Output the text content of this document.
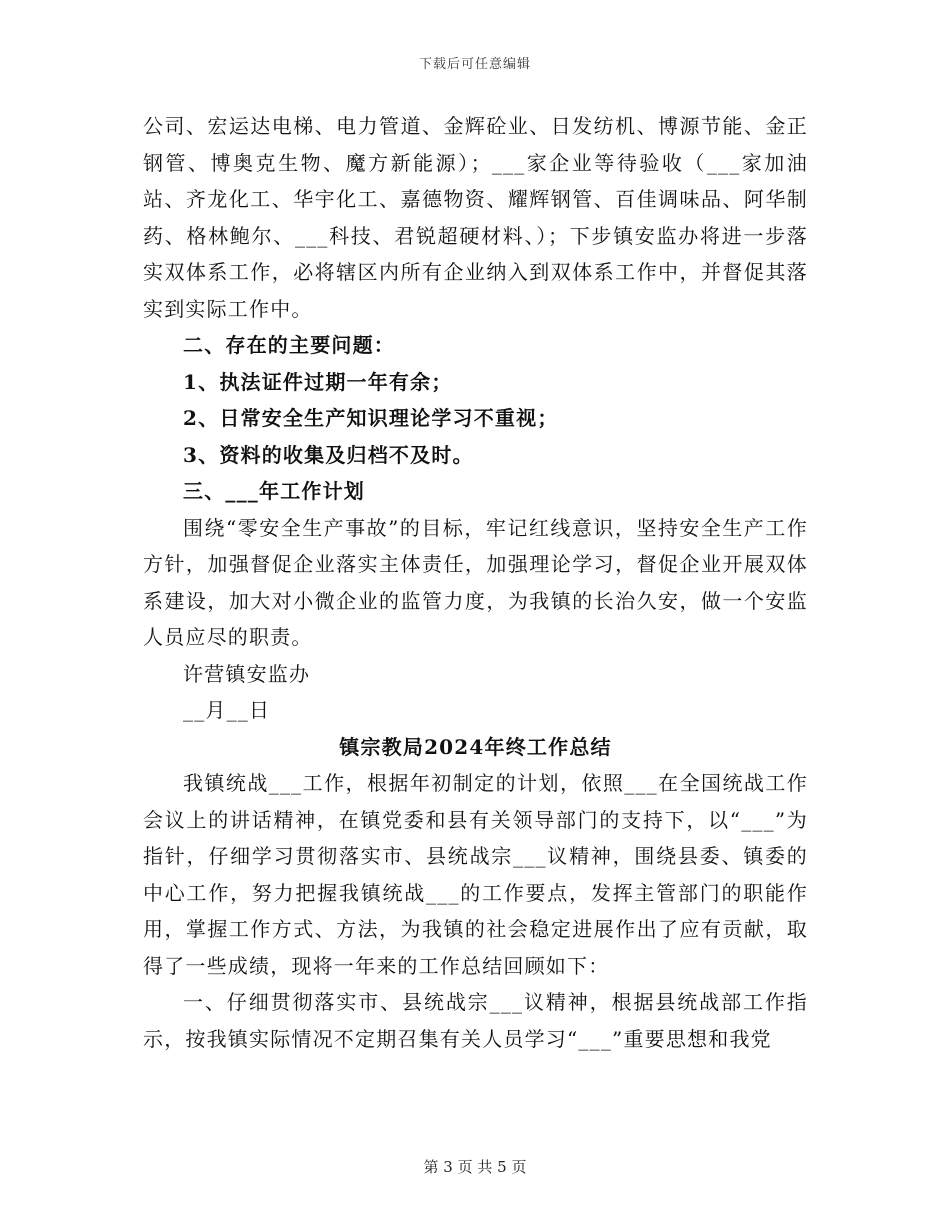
下载后可任意编辑

公司、宏运达电梯、电力管道、金辉砼业、日发纺机、博源节能、金正钢管、博奥克生物、魔方新能源）；___家企业等待验收（___家加油站、齐龙化工、华宇化工、嘉德物资、耀辉钢管、百佳调味品、阿华制药、格林鲍尔、___科技、君锐超硬材料、）；下步镇安监办将进一步落实双体系工作，必将辖区内所有企业纳入到双体系工作中，并督促其落实到实际工作中。

二、存在的主要问题：

1、执法证件过期一年有余；

2、日常安全生产知识理论学习不重视；

3、资料的收集及归档不及时。

三、___年工作计划

围绕“零安全生产事故”的目标，牢记红线意识，坚持安全生产工作方针，加强督促企业落实主体责任，加强理论学习，督促企业开展双体系建设，加大对小微企业的监管力度，为我镇的长治久安，做一个安监人员应尽的职责。

许营镇安监办

__月__日

镇宗教局2024年终工作总结

我镇统战___工作，根据年初制定的计划，依照___在全国统战工作会议上的讲话精神，在镇党委和县有关领导部门的支持下，以“___”为指针，仔细学习贯彻落实市、县统战宗___议精神，围绕县委、镇委的中心工作，努力把握我镇统战___的工作要点，发挥主管部门的职能作用，掌握工作方式、方法，为我镇的社会稳定进展作出了应有贡献，取得了一些成绩，现将一年来的工作总结回顾如下：

一、仔细贯彻落实市、县统战宗___议精神，根据县统战部工作指示，按我镇实际情况不定期召集有关人员学习“___”重要思想和我党

第 3 页 共 5 页
